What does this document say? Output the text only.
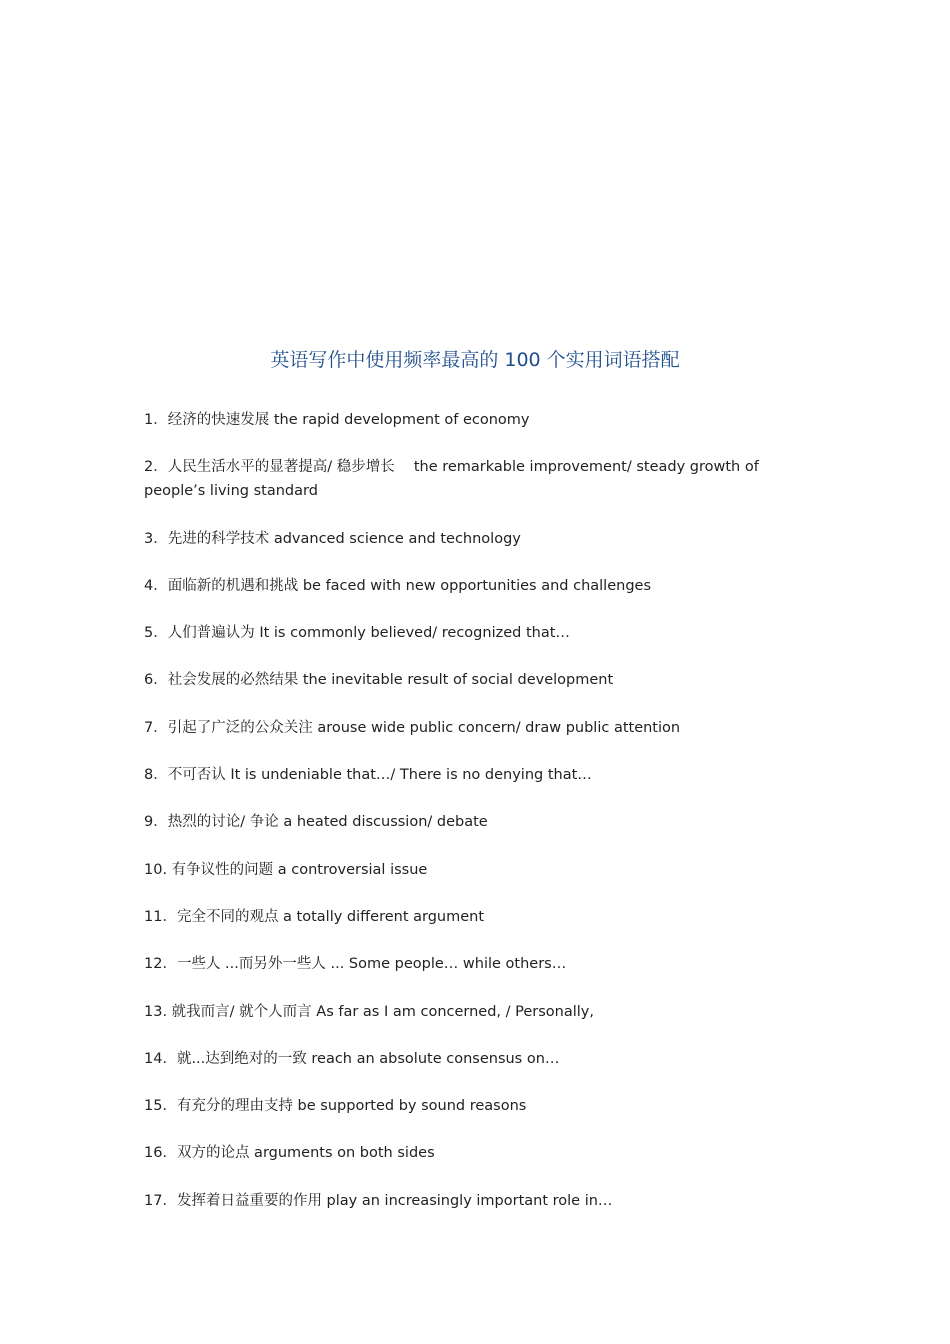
英语写作中使用频率最高的 100 个实用词语搭配
1．经济的快速发展 the rapid development of economy
2．人民生活水平的显著提高/ 稳步增长　 the remarkable improvement/ steady growth of people’s living standard
3．先进的科学技术 advanced science and technology
4．面临新的机遇和挑战 be faced with new opportunities and challenges
5．人们普遍认为 It is commonly believed/ recognized that…
6．社会发展的必然结果 the inevitable result of social development
7．引起了广泛的公众关注 arouse wide public concern/ draw public attention
8．不可否认 It is undeniable that…/ There is no denying that…
9．热烈的讨论/ 争论 a heated discussion/ debate
10. 有争议性的问题 a controversial issue
11．完全不同的观点 a totally different argument
12．一些人 ...而另外一些人 ... Some people… while others…
13. 就我而言/ 就个人而言 As far as I am concerned, / Personally,
14．就...达到绝对的一致 reach an absolute consensus on…
15．有充分的理由支持 be supported by sound reasons
16．双方的论点 arguments on both sides
17．发挥着日益重要的作用 play an increasingly important role in…
